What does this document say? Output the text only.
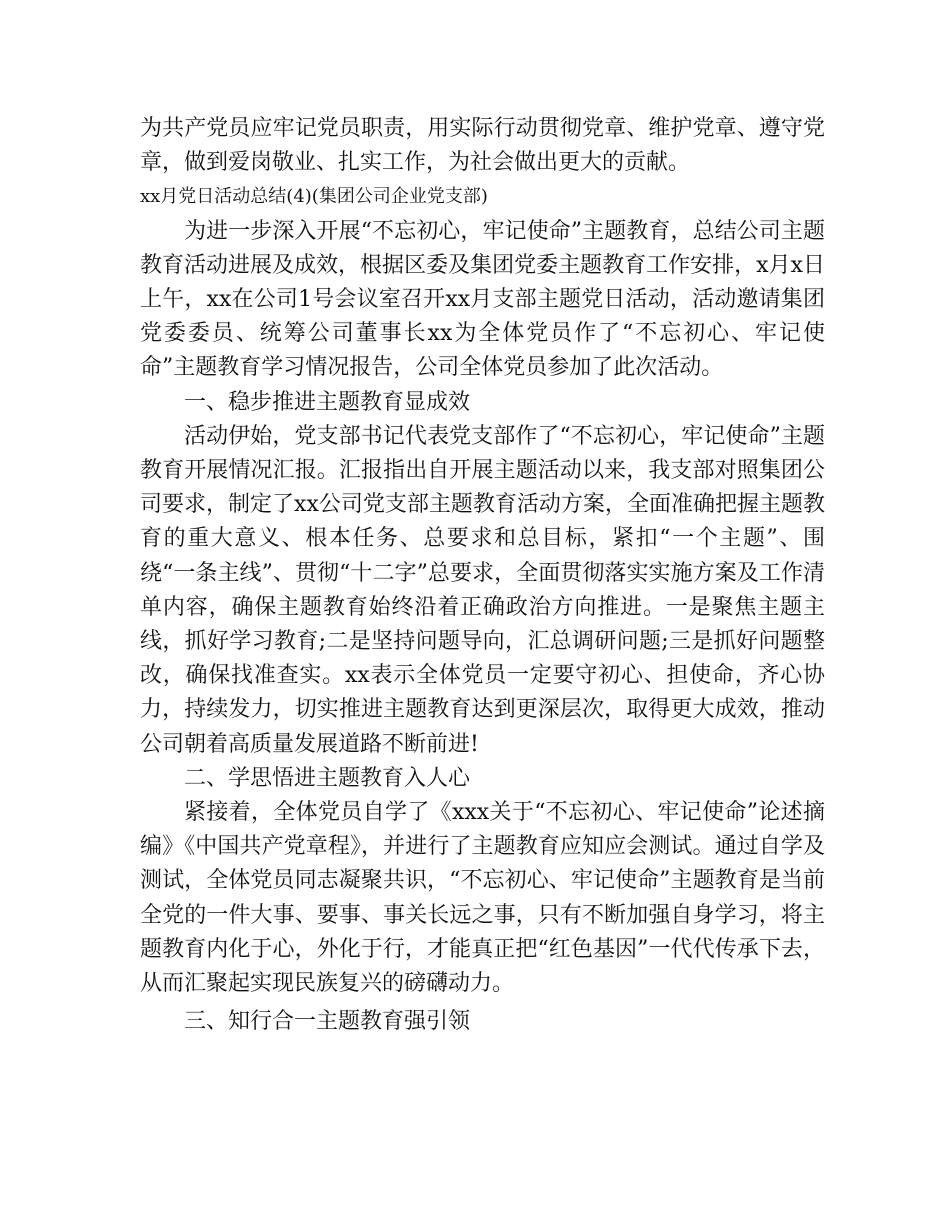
为共产党员应牢记党员职责，用实际行动贯彻党章、维护党章、遵守党章，做到爱岗敬业、扎实工作，为社会做出更大的贡献。

xx月党日活动总结(4)(集团公司企业党支部)

为进一步深入开展“不忘初心，牢记使命”主题教育，总结公司主题教育活动进展及成效，根据区委及集团党委主题教育工作安排，x月x日上午，xx在公司1号会议室召开xx月支部主题党日活动，活动邀请集团党委委员、统筹公司董事长xx为全体党员作了“不忘初心、牢记使命”主题教育学习情况报告，公司全体党员参加了此次活动。

一、稳步推进主题教育显成效

活动伊始，党支部书记代表党支部作了“不忘初心，牢记使命”主题教育开展情况汇报。汇报指出自开展主题活动以来，我支部对照集团公司要求，制定了xx公司党支部主题教育活动方案，全面准确把握主题教育的重大意义、根本任务、总要求和总目标，紧扣“一个主题”、围绕“一条主线”、贯彻“十二字”总要求，全面贯彻落实实施方案及工作清单内容，确保主题教育始终沿着正确政治方向推进。一是聚焦主题主线，抓好学习教育;二是坚持问题导向，汇总调研问题;三是抓好问题整改，确保找准查实。xx表示全体党员一定要守初心、担使命，齐心协力，持续发力，切实推进主题教育达到更深层次，取得更大成效，推动公司朝着高质量发展道路不断前进!

二、学思悟进主题教育入人心

紧接着，全体党员自学了《xxx关于“不忘初心、牢记使命”论述摘编》《中国共产党章程》，并进行了主题教育应知应会测试。通过自学及测试，全体党员同志凝聚共识，“不忘初心、牢记使命”主题教育是当前全党的一件大事、要事、事关长远之事，只有不断加强自身学习，将主题教育内化于心，外化于行，才能真正把“红色基因”一代代传承下去，从而汇聚起实现民族复兴的磅礴动力。

三、知行合一主题教育强引领
